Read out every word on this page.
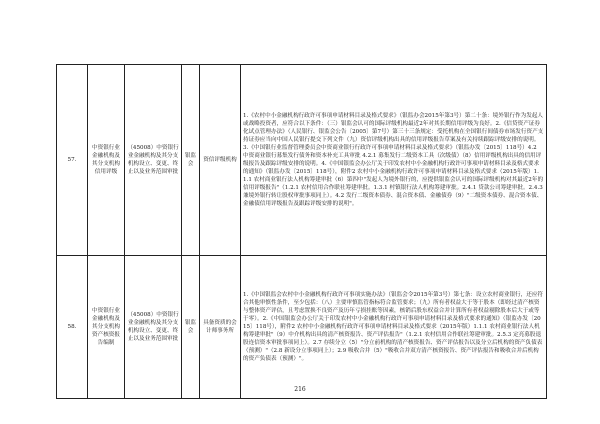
57.	中资银行业金融机构及其分支机构信用评级	（45008）中资银行业金融机构及其分支机构设立、变更、终止以及业务范围审批	银监会	资信评级机构	1.《农村中小金融机构行政许可事项申请材料目录及格式要求》（银监办会2015年第3号）第二十条：境外银行作为发起人或战略投资者，应符合以下条件：（三）银监会认可的国际评级机构最近2年对其长期信用评级为良好。2.《信贷资产证券化试点管理办法》（人民银行、银监会公告〔2005〕第7号）第三十三条规定：受托机构在全国银行间债券市场发行资产支持证券应当向中国人民银行提交下列文件（九）资信评级机构出具的信用评级报告草案及有关持续跟踪评级安排的说明。3.《中国银行业监督管理委员会中资商业银行行政许可事项申请材料目录及格式要求》（银监办发〔2015〕118号）4.2 中资商业银行募集发行债务和资本补充工具审批 4.2.1 募集发行二级资本工具（次级债）（8）信用评级机构出具的信用评级报告及跟踪评级安排的说明。4.《中国银监会办公厅关于印发农村中小金融机构行政许可事项申请材料目录及格式要求的通知》（银监办发〔2015〕118号），附件2 农村中小金融机构行政许可事项申请材料目录及格式要求（2015年版）1.1.1 农村商业银行法人机构筹建审批（6）第四中"发起人为境外银行的，应提供银监会认可的国际评级机构对其最近2年的信用评级报告"（1.2.1 农村信用合作联社筹建审批。1.3.1 村镇银行法人机构筹建审批。2.4.1 贷款公司筹建审批。2.4.3 兼境外银行转让股权审批事项同上）。4.2 发行二级资本债券、混合资本债、金融债券（9）"二级资本债券、混合资本债、金融债信用评级报告及跟踪评级安排的说明"。
58.	中资银行业金融机构及其分支机构资产核资报告编制	（45008）中资银行业金融机构及其分支机构设立、变更、终止以及业务范围审批	银监会	具备资质的会计师事务所	1.《中国银监会农村中小金融机构行政许可事项实施办法》（银监会令2015年第3号）第七条：设立农村商业银行，还应符合其他审慎性条件，至少包括：（八）主要审慎监管指标符合监管要求；（九）所有者权益大于等于股本（即经过清产核资与整体资产评估，且考虑置换不良资产及历年亏损挂账等因素，核销后股东权益合并计算所有者权益剔除股本后大于或等于零）。2.《中国银监会办公厅关于印发农村中小金融机构行政许可事项申请材料目录及格式要求的通知》（银监办发〔2015〕118号），附件2 农村中小金融机构行政许可事项申请材料目录及格式要求（2015年版）1.1.1 农村商业银行法人机构筹建审批"（9）中介机构出具的清产核资报告、资产评估报告"（1.2.1 农村信用合作联社筹建审批。2.5.3 定亮募股退股连信资本审批事项同上）。2.7 存续分立（5）"分立前机构的清产核资报告、资产评估报告以及分立后机构的资产负债表（预测）"（2.8 新设分立事项同上）；2.9 吸收合并（5）"吸收合并双方清产核资报告、资产评估报告和吸收合并后机构的资产负债表（预测）"。
216
